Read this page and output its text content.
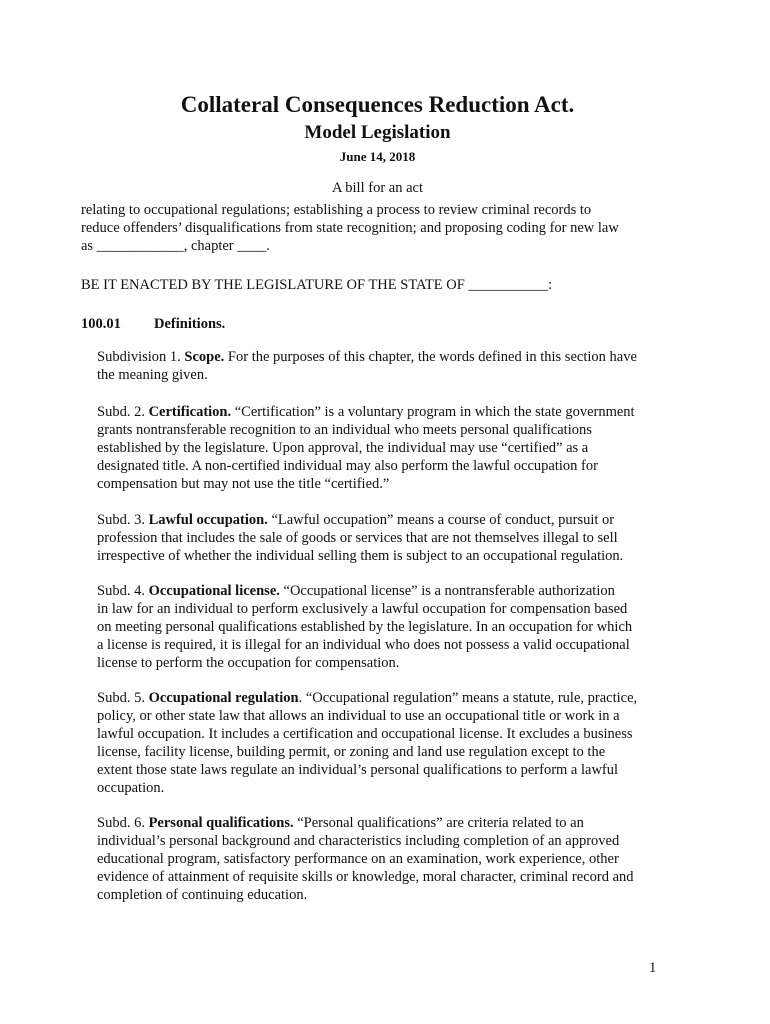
Collateral Consequences Reduction Act.
Model Legislation
June 14, 2018
A bill for an act
relating to occupational regulations; establishing a process to review criminal records to
reduce offenders’ disqualifications from state recognition; and proposing coding for new law
as ____________, chapter ____.
BE IT ENACTED BY THE LEGISLATURE OF THE STATE OF ___________:
100.01 Definitions.
Subdivision 1. Scope. For the purposes of this chapter, the words defined in this section have
the meaning given.
Subd. 2. Certification. “Certification” is a voluntary program in which the state government
grants nontransferable recognition to an individual who meets personal qualifications
established by the legislature. Upon approval, the individual may use “certified” as a
designated title. A non-certified individual may also perform the lawful occupation for
compensation but may not use the title “certified.”
Subd. 3. Lawful occupation. “Lawful occupation” means a course of conduct, pursuit or
profession that includes the sale of goods or services that are not themselves illegal to sell
irrespective of whether the individual selling them is subject to an occupational regulation.
Subd. 4. Occupational license. “Occupational license” is a nontransferable authorization
in law for an individual to perform exclusively a lawful occupation for compensation based
on meeting personal qualifications established by the legislature. In an occupation for which
a license is required, it is illegal for an individual who does not possess a valid occupational
license to perform the occupation for compensation.
Subd. 5. Occupational regulation. “Occupational regulation” means a statute, rule, practice,
policy, or other state law that allows an individual to use an occupational title or work in a
lawful occupation. It includes a certification and occupational license. It excludes a business
license, facility license, building permit, or zoning and land use regulation except to the
extent those state laws regulate an individual’s personal qualifications to perform a lawful
occupation.
Subd. 6. Personal qualifications. “Personal qualifications” are criteria related to an
individual’s personal background and characteristics including completion of an approved
educational program, satisfactory performance on an examination, work experience, other
evidence of attainment of requisite skills or knowledge, moral character, criminal record and
completion of continuing education.
1
